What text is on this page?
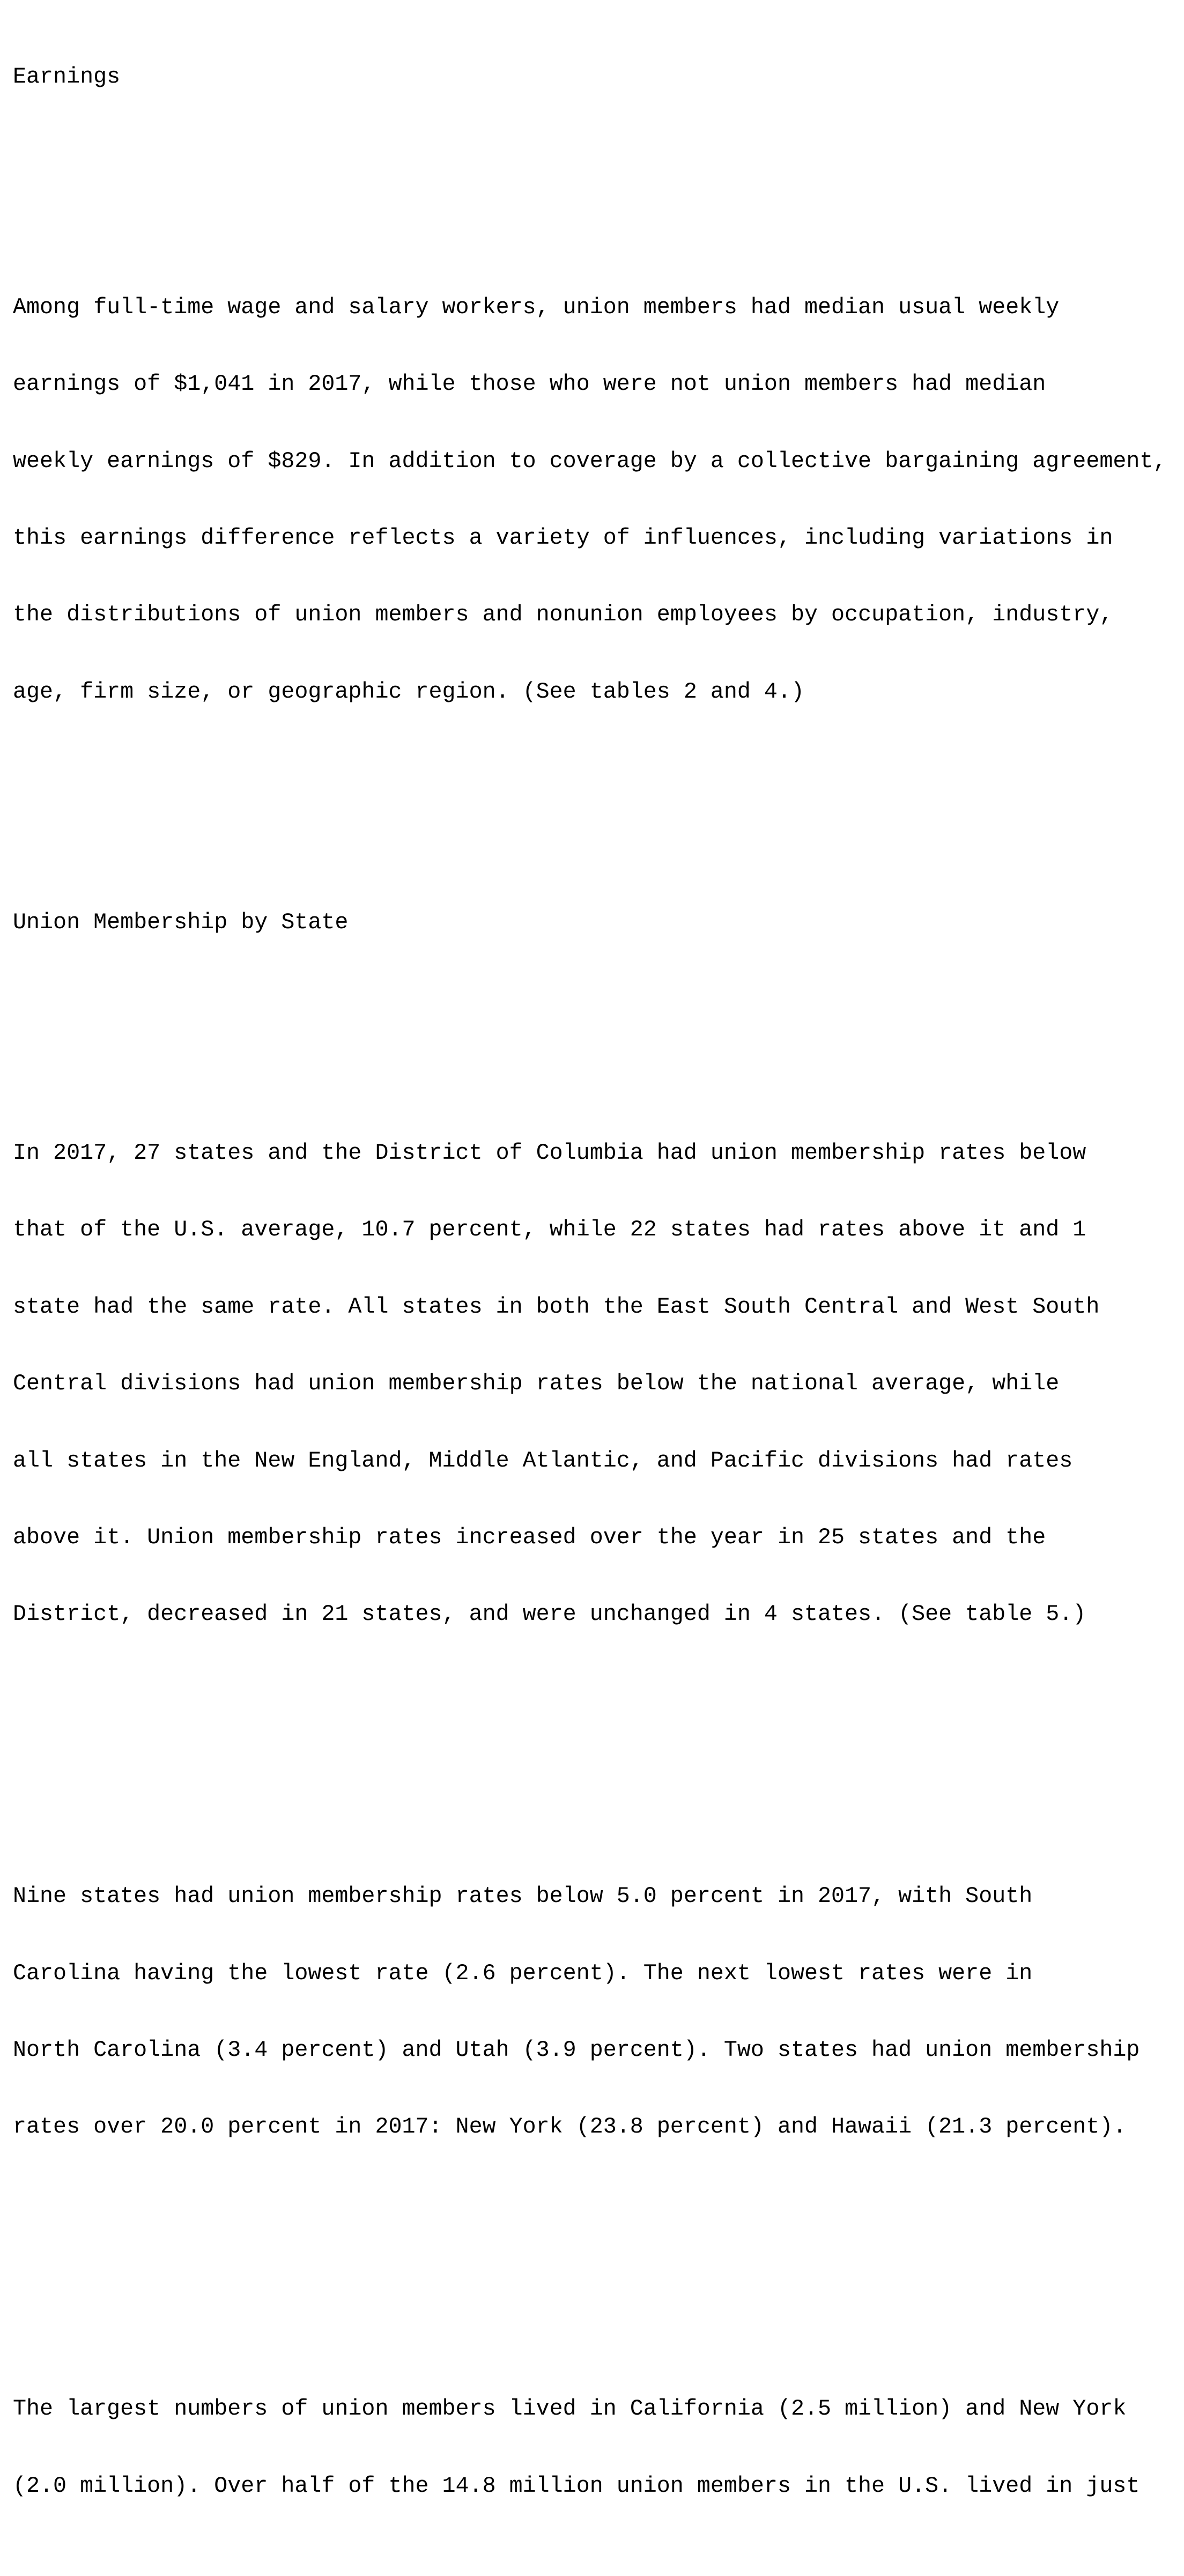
Earnings

Among full-time wage and salary workers, union members had median usual weekly

earnings of $1,041 in 2017, while those who were not union members had median

weekly earnings of $829. In addition to coverage by a collective bargaining agreement,

this earnings difference reflects a variety of influences, including variations in

the distributions of union members and nonunion employees by occupation, industry,

age, firm size, or geographic region. (See tables 2 and 4.)

Union Membership by State

In 2017, 27 states and the District of Columbia had union membership rates below

that of the U.S. average, 10.7 percent, while 22 states had rates above it and 1

state had the same rate. All states in both the East South Central and West South

Central divisions had union membership rates below the national average, while

all states in the New England, Middle Atlantic, and Pacific divisions had rates

above it. Union membership rates increased over the year in 25 states and the

District, decreased in 21 states, and were unchanged in 4 states. (See table 5.)

Nine states had union membership rates below 5.0 percent in 2017, with South

Carolina having the lowest rate (2.6 percent). The next lowest rates were in

North Carolina (3.4 percent) and Utah (3.9 percent). Two states had union membership

rates over 20.0 percent in 2017: New York (23.8 percent) and Hawaii (21.3 percent).

The largest numbers of union members lived in California (2.5 million) and New York

(2.0 million). Over half of the 14.8 million union members in the U.S. lived in just
